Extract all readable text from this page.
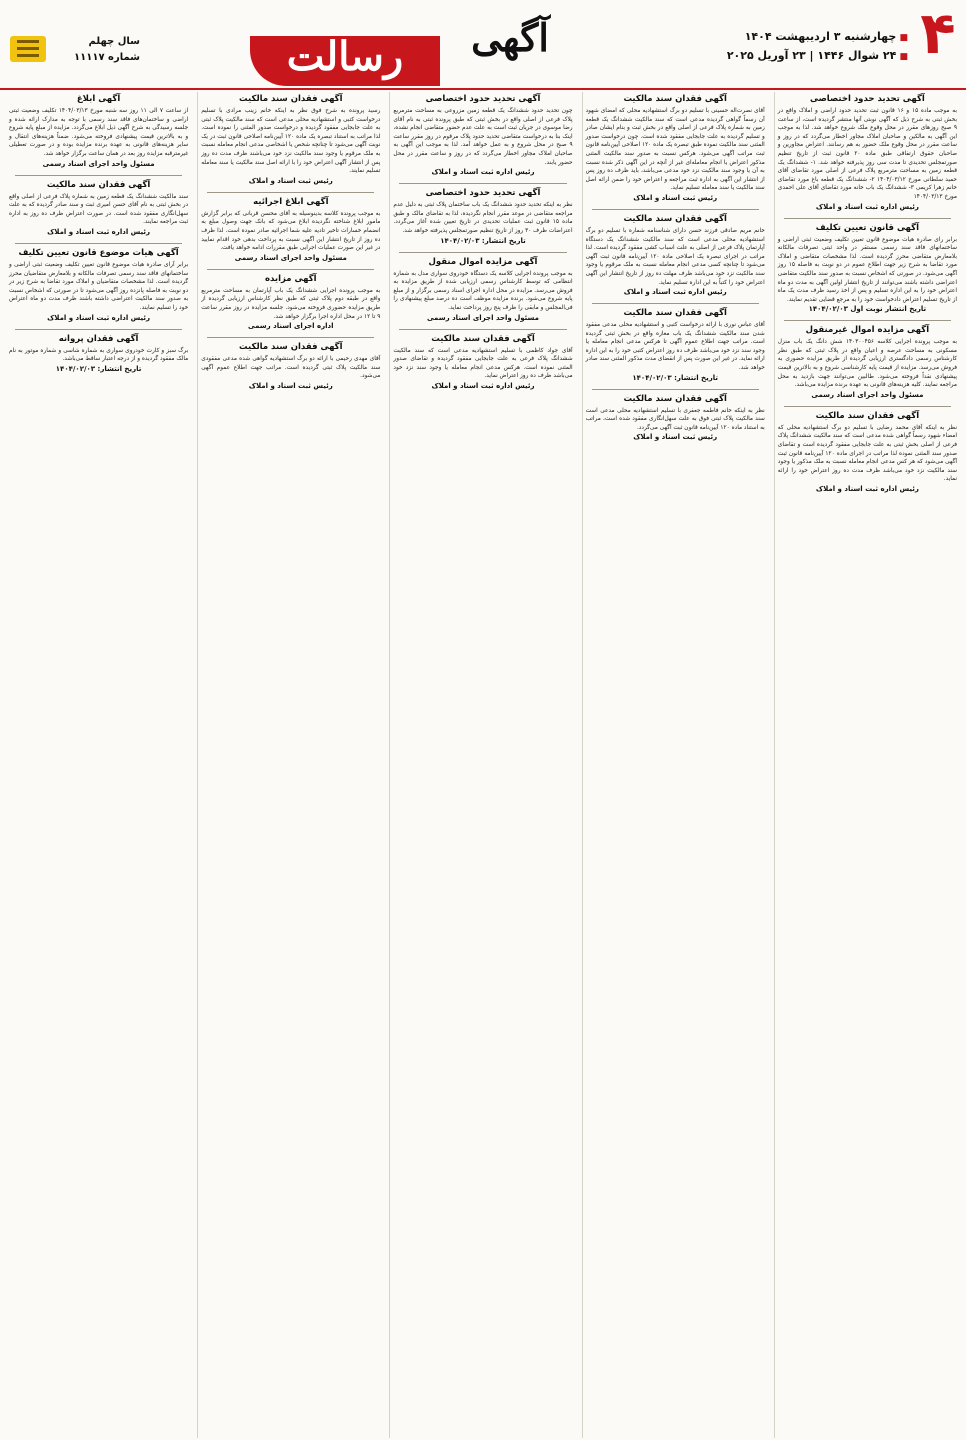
۴
■ چهارشنبه ۳ اردیبهشت ۱۴۰۴
■ ۲۴ شوال ۱۴۴۶ | ۲۳ آوریل ۲۰۲۵
آگهی
رسالت
سال چهلم
شماره ۱۱۱۱۷
آگهی تحدید حدود اختصاصی

به موجب ماده ۱۵ و ۱۶ قانون ثبت تحدید حدود اراضی و املاک واقع در بخش ثبتی به شرح ذیل که آگهی نوبتی آنها منتشر گردیده است، از ساعت ۹ صبح روزهای مقرر در محل وقوع ملک شروع خواهد شد. لذا به موجب این آگهی به مالکین و صاحبان املاک مجاور اخطار می‌گردد که در روز و ساعت مقرر در محل وقوع ملک حضور به هم رسانند. اعتراض مجاورین و صاحبان حقوق ارتفاقی طبق ماده ۲۰ قانون ثبت از تاریخ تنظیم صورتمجلس تحدیدی تا مدت سی روز پذیرفته خواهد شد. ۱- ششدانگ یک قطعه زمین به مساحت مترمربع پلاک فرعی از اصلی مورد تقاضای آقای حمید سلطانی مورخ ۱۴۰۴/۰۳/۱۲ ۲- ششدانگ یک قطعه باغ مورد تقاضای خانم زهرا کریمی ۳- ششدانگ یک باب خانه مورد تقاضای آقای علی احمدی مورخ ۱۴۰۴/۰۳/۱۳

رئیس اداره ثبت اسناد و املاک
آگهی قانون تعیین تکلیف

برابر رای صادره هیات موضوع قانون تعیین تکلیف وضعیت ثبتی اراضی و ساختمانهای فاقد سند رسمی مستقر در واحد ثبتی تصرفات مالکانه بلامعارض متقاضی محرز گردیده است. لذا مشخصات متقاضی و املاک مورد تقاضا به شرح زیر جهت اطلاع عموم در دو نوبت به فاصله ۱۵ روز آگهی می‌شود. در صورتی که اشخاص نسبت به صدور سند مالکیت متقاضی اعتراضی داشته باشند می‌توانند از تاریخ انتشار اولین آگهی به مدت دو ماه اعتراض خود را به این اداره تسلیم و پس از اخذ رسید ظرف مدت یک ماه از تاریخ تسلیم اعتراض دادخواست خود را به مرجع قضایی تقدیم نمایند.

تاریخ انتشار نوبت اول ۱۴۰۴/۰۲/۰۳
آگهی مزایده اموال غیرمنقول

به موجب پرونده اجرایی کلاسه ۱۴۰۳۰۰۴۵۶ شش دانگ یک باب منزل مسکونی به مساحت عرصه و اعیان واقع در پلاک ثبتی که طبق نظر کارشناس رسمی دادگستری ارزیابی گردیده از طریق مزایده حضوری به فروش می‌رسد. مزایده از قیمت پایه کارشناسی شروع و به بالاترین قیمت پیشنهادی نقداً فروخته می‌شود. طالبین می‌توانند جهت بازدید به محل مراجعه نمایند. کلیه هزینه‌های قانونی به عهده برنده مزایده می‌باشد.

مسئول واحد اجرای اسناد رسمی
آگهی فقدان سند مالکیت

نظر به اینکه آقای محمد رضایی با تسلیم دو برگ استشهادیه محلی که امضاء شهود رسماً گواهی شده مدعی است که سند مالکیت ششدانگ پلاک فرعی از اصلی بخش ثبتی به علت جابجایی مفقود گردیده است و تقاضای صدور سند المثنی نموده لذا مراتب در اجرای ماده ۱۲۰ آیین‌نامه قانون ثبت آگهی می‌شود که هر کس مدعی انجام معامله نسبت به ملک مذکور یا وجود سند مالکیت نزد خود می‌باشد ظرف مدت ده روز اعتراض خود را ارائه نماید.

رئیس اداره ثبت اسناد و املاک
آگهی فقدان سند مالکیت

آقای نصرت‌اله حسینی با تسلیم دو برگ استشهادیه محلی که امضای شهود آن رسماً گواهی گردیده مدعی است که سند مالکیت ششدانگ یک قطعه زمین به شماره پلاک فرعی از اصلی واقع در بخش ثبت و بنام ایشان صادر و تسلیم گردیده به علت جابجایی مفقود شده است. چون درخواست صدور المثنی سند مالکیت نموده طبق تبصره یک ماده ۱۲۰ اصلاحی آیین‌نامه قانون ثبت مراتب آگهی می‌شود. هرکس نسبت به صدور سند مالکیت المثنی مذکور اعتراض یا انجام معامله‌ای غیر از آنچه در این آگهی ذکر شده نسبت به آن یا وجود سند مالکیت نزد خود مدعی می‌باشد، باید ظرف ده روز پس از انتشار این آگهی به اداره ثبت مراجعه و اعتراض خود را ضمن ارائه اصل سند مالکیت یا سند معامله تسلیم نماید.

رئیس ثبت اسناد و املاک
آگهی فقدان سند مالکیت

خانم مریم صادقی فرزند حسن دارای شناسنامه شماره با تسلیم دو برگ استشهادیه محلی مدعی است که سند مالکیت ششدانگ یک دستگاه آپارتمان پلاک فرعی از اصلی به علت اسباب کشی مفقود گردیده است. لذا مراتب در اجرای تبصره یک اصلاحی ماده ۱۲۰ آیین‌نامه قانون ثبت آگهی می‌شود تا چنانچه کسی مدعی انجام معامله نسبت به ملک مرقوم یا وجود سند مالکیت نزد خود می‌باشد ظرف مهلت ده روز از تاریخ انتشار این آگهی اعتراض خود را کتباً به این اداره تسلیم نماید.

رئیس اداره ثبت اسناد و املاک
آگهی فقدان سند مالکیت

آقای عباس نوری با ارائه درخواست کتبی و استشهادیه محلی مدعی مفقود شدن سند مالکیت ششدانگ یک باب مغازه واقع در بخش ثبتی گردیده است. مراتب جهت اطلاع عموم آگهی تا هرکس مدعی انجام معامله یا وجود سند نزد خود می‌باشد ظرف ده روز اعتراض کتبی خود را به این اداره ارائه نماید. در غیر این صورت پس از انقضای مدت مذکور المثنی سند صادر خواهد شد.

تاریخ انتشار: ۱۴۰۴/۰۲/۰۳
آگهی فقدان سند مالکیت

نظر به اینکه خانم فاطمه جعفری با تسلیم استشهادیه محلی مدعی است سند مالکیت پلاک ثبتی فوق به علت سهل‌انگاری مفقود شده است، مراتب به استناد ماده ۱۲۰ آیین‌نامه قانون ثبت آگهی می‌گردد.

رئیس ثبت اسناد و املاک
آگهی تحدید حدود اختصاصی

چون تحدید حدود ششدانگ یک قطعه زمین مزروعی به مساحت مترمربع پلاک فرعی از اصلی واقع در بخش ثبتی که طبق پرونده ثبتی به نام آقای رضا موسوی در جریان ثبت است به علت عدم حضور متقاضی انجام نشده، اینک بنا به درخواست متقاضی تحدید حدود پلاک مرقوم در روز مقرر ساعت ۹ صبح در محل شروع و به عمل خواهد آمد. لذا به موجب این آگهی به صاحبان املاک مجاور اخطار می‌گردد که در روز و ساعت مقرر در محل حضور یابند.

رئیس اداره ثبت اسناد و املاک
آگهی تحدید حدود اختصاصی

نظر به اینکه تحدید حدود ششدانگ یک باب ساختمان پلاک ثبتی به دلیل عدم مراجعه متقاضی در موعد مقرر انجام نگردیده، لذا به تقاضای مالک و طبق ماده ۱۵ قانون ثبت عملیات تحدیدی در تاریخ تعیین شده آغاز می‌گردد. اعتراضات ظرف ۳۰ روز از تاریخ تنظیم صورتمجلس پذیرفته خواهد شد.

تاریخ انتشار: ۱۴۰۴/۰۲/۰۳
آگهی مزایده اموال منقول

به موجب پرونده اجرایی کلاسه یک دستگاه خودروی سواری مدل به شماره انتظامی که توسط کارشناس رسمی ارزیابی شده از طریق مزایده به فروش می‌رسد. مزایده در محل اداره اجرای اسناد رسمی برگزار و از مبلغ پایه شروع می‌شود. برنده مزایده موظف است ده درصد مبلغ پیشنهادی را فی‌المجلس و مابقی را ظرف پنج روز پرداخت نماید.

مسئول واحد اجرای اسناد رسمی
آگهی فقدان سند مالکیت

آقای جواد کاظمی با تسلیم استشهادیه مدعی است که سند مالکیت ششدانگ پلاک فرعی به علت جابجایی مفقود گردیده و تقاضای صدور المثنی نموده است. هرکس مدعی انجام معامله یا وجود سند نزد خود می‌باشد ظرف ده روز اعتراض نماید.

رئیس اداره ثبت اسناد و املاک
آگهی فقدان سند مالکیت

رسید پرونده به شرح فوق نظر به اینکه خانم زینب مرادی با تسلیم درخواست کتبی و استشهادیه محلی مدعی است که سند مالکیت پلاک ثبتی به علت جابجایی مفقود گردیده و درخواست صدور المثنی را نموده است. لذا مراتب به استناد تبصره یک ماده ۱۲۰ آیین‌نامه اصلاحی قانون ثبت در یک نوبت آگهی می‌شود تا چنانچه شخص یا اشخاصی مدعی انجام معامله نسبت به ملک مرقوم یا وجود سند مالکیت نزد خود می‌باشند ظرف مدت ده روز پس از انتشار آگهی اعتراض خود را با ارائه اصل سند مالکیت یا سند معامله تسلیم نمایند.

رئیس ثبت اسناد و املاک
آگهی ابلاغ اجرائیه

به موجب پرونده کلاسه بدینوسیله به آقای محسن قربانی که برابر گزارش مامور ابلاغ شناخته نگردیده ابلاغ می‌شود که بانک جهت وصول مبلغ به انضمام خسارات تاخیر تادیه علیه شما اجرائیه صادر نموده است. لذا ظرف ده روز از تاریخ انتشار این آگهی نسبت به پرداخت بدهی خود اقدام نمایید در غیر این صورت عملیات اجرایی طبق مقررات ادامه خواهد یافت.

مسئول واحد اجرای اسناد رسمی
آگهی مزایده

به موجب پرونده اجرایی ششدانگ یک باب آپارتمان به مساحت مترمربع واقع در طبقه دوم پلاک ثبتی که طبق نظر کارشناس ارزیابی گردیده از طریق مزایده حضوری فروخته می‌شود. جلسه مزایده در روز مقرر ساعت ۹ تا ۱۲ در محل اداره اجرا برگزار خواهد شد.

اداره اجرای اسناد رسمی
آگهی فقدان سند مالکیت

آقای مهدی رحیمی با ارائه دو برگ استشهادیه گواهی شده مدعی مفقودی سند مالکیت پلاک ثبتی گردیده است. مراتب جهت اطلاع عموم آگهی می‌شود.

رئیس ثبت اسناد و املاک
آگهی ابلاغ

از ساعت ۷ الی ۱۱ روز سه شنبه مورخ ۱۴۰۴/۰۳/۱۳ تکلیف وضعیت ثبتی اراضی و ساختمان‌های فاقد سند رسمی با توجه به مدارک ارائه شده و جلسه رسیدگی به شرح آگهی ذیل ابلاغ می‌گردد. مزایده از مبلغ پایه شروع و به بالاترین قیمت پیشنهادی فروخته می‌شود. ضمناً هزینه‌های انتقال و سایر هزینه‌های قانونی به عهده برنده مزایده بوده و در صورت تعطیلی غیرمترقبه مزایده روز بعد در همان ساعت برگزار خواهد شد.

مسئول واحد اجرای اسناد رسمی
آگهی فقدان سند مالکیت

سند مالکیت ششدانگ یک قطعه زمین به شماره پلاک فرعی از اصلی واقع در بخش ثبتی به نام آقای حسن امیری ثبت و سند صادر گردیده که به علت سهل‌انگاری مفقود شده است. در صورت اعتراض ظرف ده روز به اداره ثبت مراجعه نمایند.

رئیس اداره ثبت اسناد و املاک
آگهی هیات موضوع قانون تعیین تکلیف

برابر آرای صادره هیات موضوع قانون تعیین تکلیف وضعیت ثبتی اراضی و ساختمانهای فاقد سند رسمی تصرفات مالکانه و بلامعارض متقاضیان محرز گردیده است. لذا مشخصات متقاضیان و املاک مورد تقاضا به شرح زیر در دو نوبت به فاصله پانزده روز آگهی می‌شود تا در صورتی که اشخاص نسبت به صدور سند مالکیت اعتراضی داشته باشند ظرف مدت دو ماه اعتراض خود را تسلیم نمایند.

رئیس اداره ثبت اسناد و املاک
آگهی فقدان پروانه

برگ سبز و کارت خودروی سواری به شماره شاسی و شماره موتور به نام مالک مفقود گردیده و از درجه اعتبار ساقط می‌باشد.

تاریخ انتشار: ۱۴۰۴/۰۲/۰۳
